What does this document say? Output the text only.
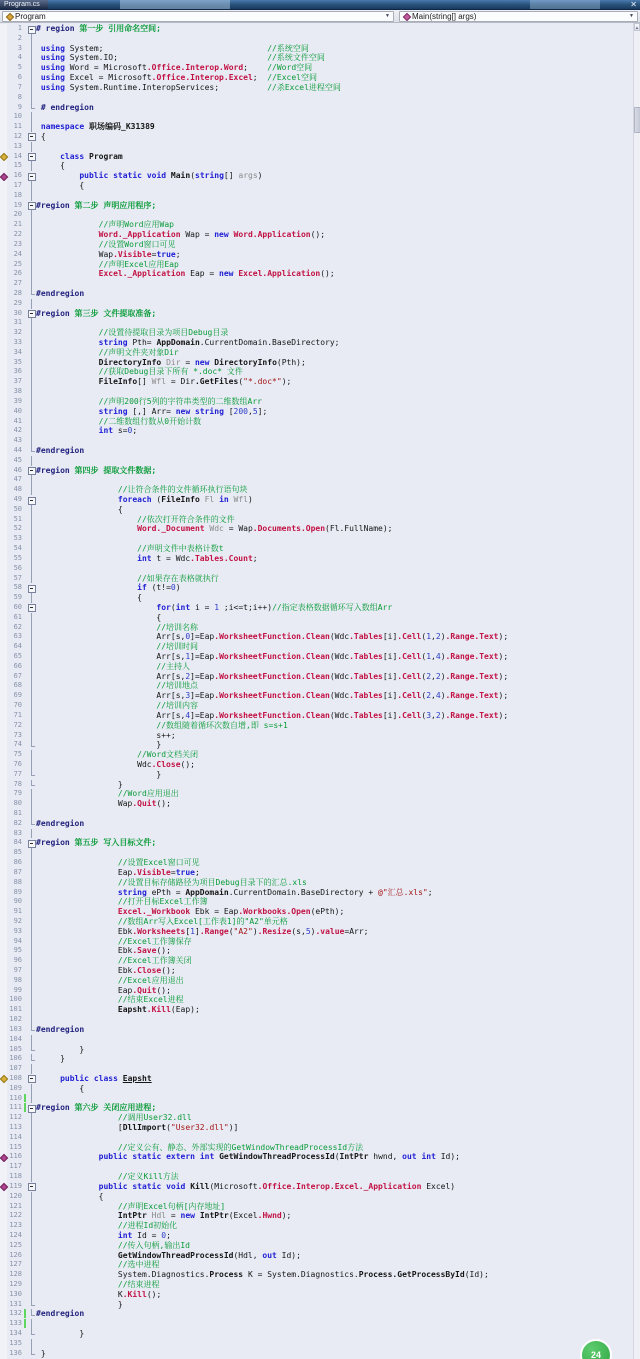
Program.cs	✕
Program	▼	Main(string[] args)	▼
1 # region 第一步 引用命名空间;
2
3	using System;	//系统空间
4	using System.IO;	//系统文件空间
5	using Word = Microsoft.Office.Interop.Word; //Word空间
6	using Excel = Microsoft.Office.Interop.Excel; //Excel空间
7	using System.Runtime.InteropServices;	//杀Excel进程空间
8
9	# endregion
10
11	namespace 职场编码_K31389
12	{
13
14	class Program
15	{
16	public static void Main(string[] args)
17	{
18
19 #region 第二步 声明应用程序;
20
21	//声明Word应用Wap
22	Word._Application Wap = new Word.Application();
23	//设置Word窗口可见
24	Wap.Visible=true;
25	//声明Excel应用Eap
26	Excel._Application Eap = new Excel.Application();
27
28 #endregion
29
30 #region 第三步 文件提取准备;
31
32	//设置待提取目录为项目Debug目录
33	string Pth= AppDomain.CurrentDomain.BaseDirectory;
34	//声明文件夹对象Dir
35	DirectoryInfo Dir = new DirectoryInfo(Pth);
36	//获取Debug目录下所有 *.doc* 文件
37	FileInfo[] Wfl = Dir.GetFiles("*.doc*");
38
39	//声明200行5列的字符串类型的二维数组Arr
40	string [,] Arr= new string [200,5];
41	//二维数组行数从0开始计数
42	int s=0;
43
44 #endregion
45
46 #region 第四步 提取文件数据;
47
48	//让符合条件的文件循环执行语句块
49	foreach (FileInfo Fl in Wfl)
50	{
51	//依次打开符合条件的文件
52	Word._Document Wdc = Wap.Documents.Open(Fl.FullName);
53
54	//声明文件中表格计数t
55	int t = Wdc.Tables.Count;
56
57	//如果存在表格就执行
58	if (t!=0)
59	{
60	for(int i = 1 ;i<=t;i++)//指定表格数据循环写入数组Arr
61	{
62	//培训名称
63	Arr[s,0]=Eap.WorksheetFunction.Clean(Wdc.Tables[i].Cell(1,2).Range.Text);
64	//培训时间
65	Arr[s,1]=Eap.WorksheetFunction.Clean(Wdc.Tables[i].Cell(1,4).Range.Text);
66	//主持人
67	Arr[s,2]=Eap.WorksheetFunction.Clean(Wdc.Tables[i].Cell(2,2).Range.Text);
68	//培训地点
69	Arr[s,3]=Eap.WorksheetFunction.Clean(Wdc.Tables[i].Cell(2,4).Range.Text);
70	//培训内容
71	Arr[s,4]=Eap.WorksheetFunction.Clean(Wdc.Tables[i].Cell(3,2).Range.Text);
72	//数组随着循环次数自增,即 s=s+1
73	s++;
74	}
75	//Word文档关闭
76	Wdc.Close();
77	}
78	}
79	//Word应用退出
80	Wap.Quit();
81
82 #endregion
83
84 #region 第五步 写入目标文件;
85
86	//设置Excel窗口可见
87	Eap.Visible=true;
88	//设置目标存储路径为项目Debug目录下的汇总.xls
89	string ePth = AppDomain.CurrentDomain.BaseDirectory + @"汇总.xls";
90	//打开目标Excel工作簿
91	Excel._Workbook Ebk = Eap.Workbooks.Open(ePth);
92	//数组Arr写入Excel[工作表1]的"A2"单元格
93	Ebk.Worksheets[1].Range("A2").Resize(s,5).value=Arr;
94	//Excel工作簿保存
95	Ebk.Save();
96	//Excel工作簿关闭
97	Ebk.Close();
98	//Excel应用退出
99	Eap.Quit();
100	//结束Excel进程
101	Eapsht.Kill(Eap);
102
103 #endregion
104
105	}
106	}
107
108	public class Eapsht
109	{
110
111 #region 第六步 关闭应用进程;
112	//调用User32.dll
113	[DllImport("User32.dll")]
114
115	//定义公有、静态、外部实现的GetWindowThreadProcessId方法
116	public static extern int GetWindowThreadProcessId(IntPtr hwnd, out int Id);
117
118	//定义Kill方法
119	public static void Kill(Microsoft.Office.Interop.Excel._Application Excel)
120	{
121	//声明Excel句柄[内存地址]
122	IntPtr Hdl = new IntPtr(Excel.Hwnd);
123	//进程Id初始化
124	int Id = 0;
125	//传入句柄,输出Id
126	GetWindowThreadProcessId(Hdl, out Id);
127	//选中进程
128	System.Diagnostics.Process K = System.Diagnostics.Process.GetProcessById(Id);
129	//结束进程
130	K.Kill();
131	}
132 #endregion
133
134	}
135
136	}
▲
24
